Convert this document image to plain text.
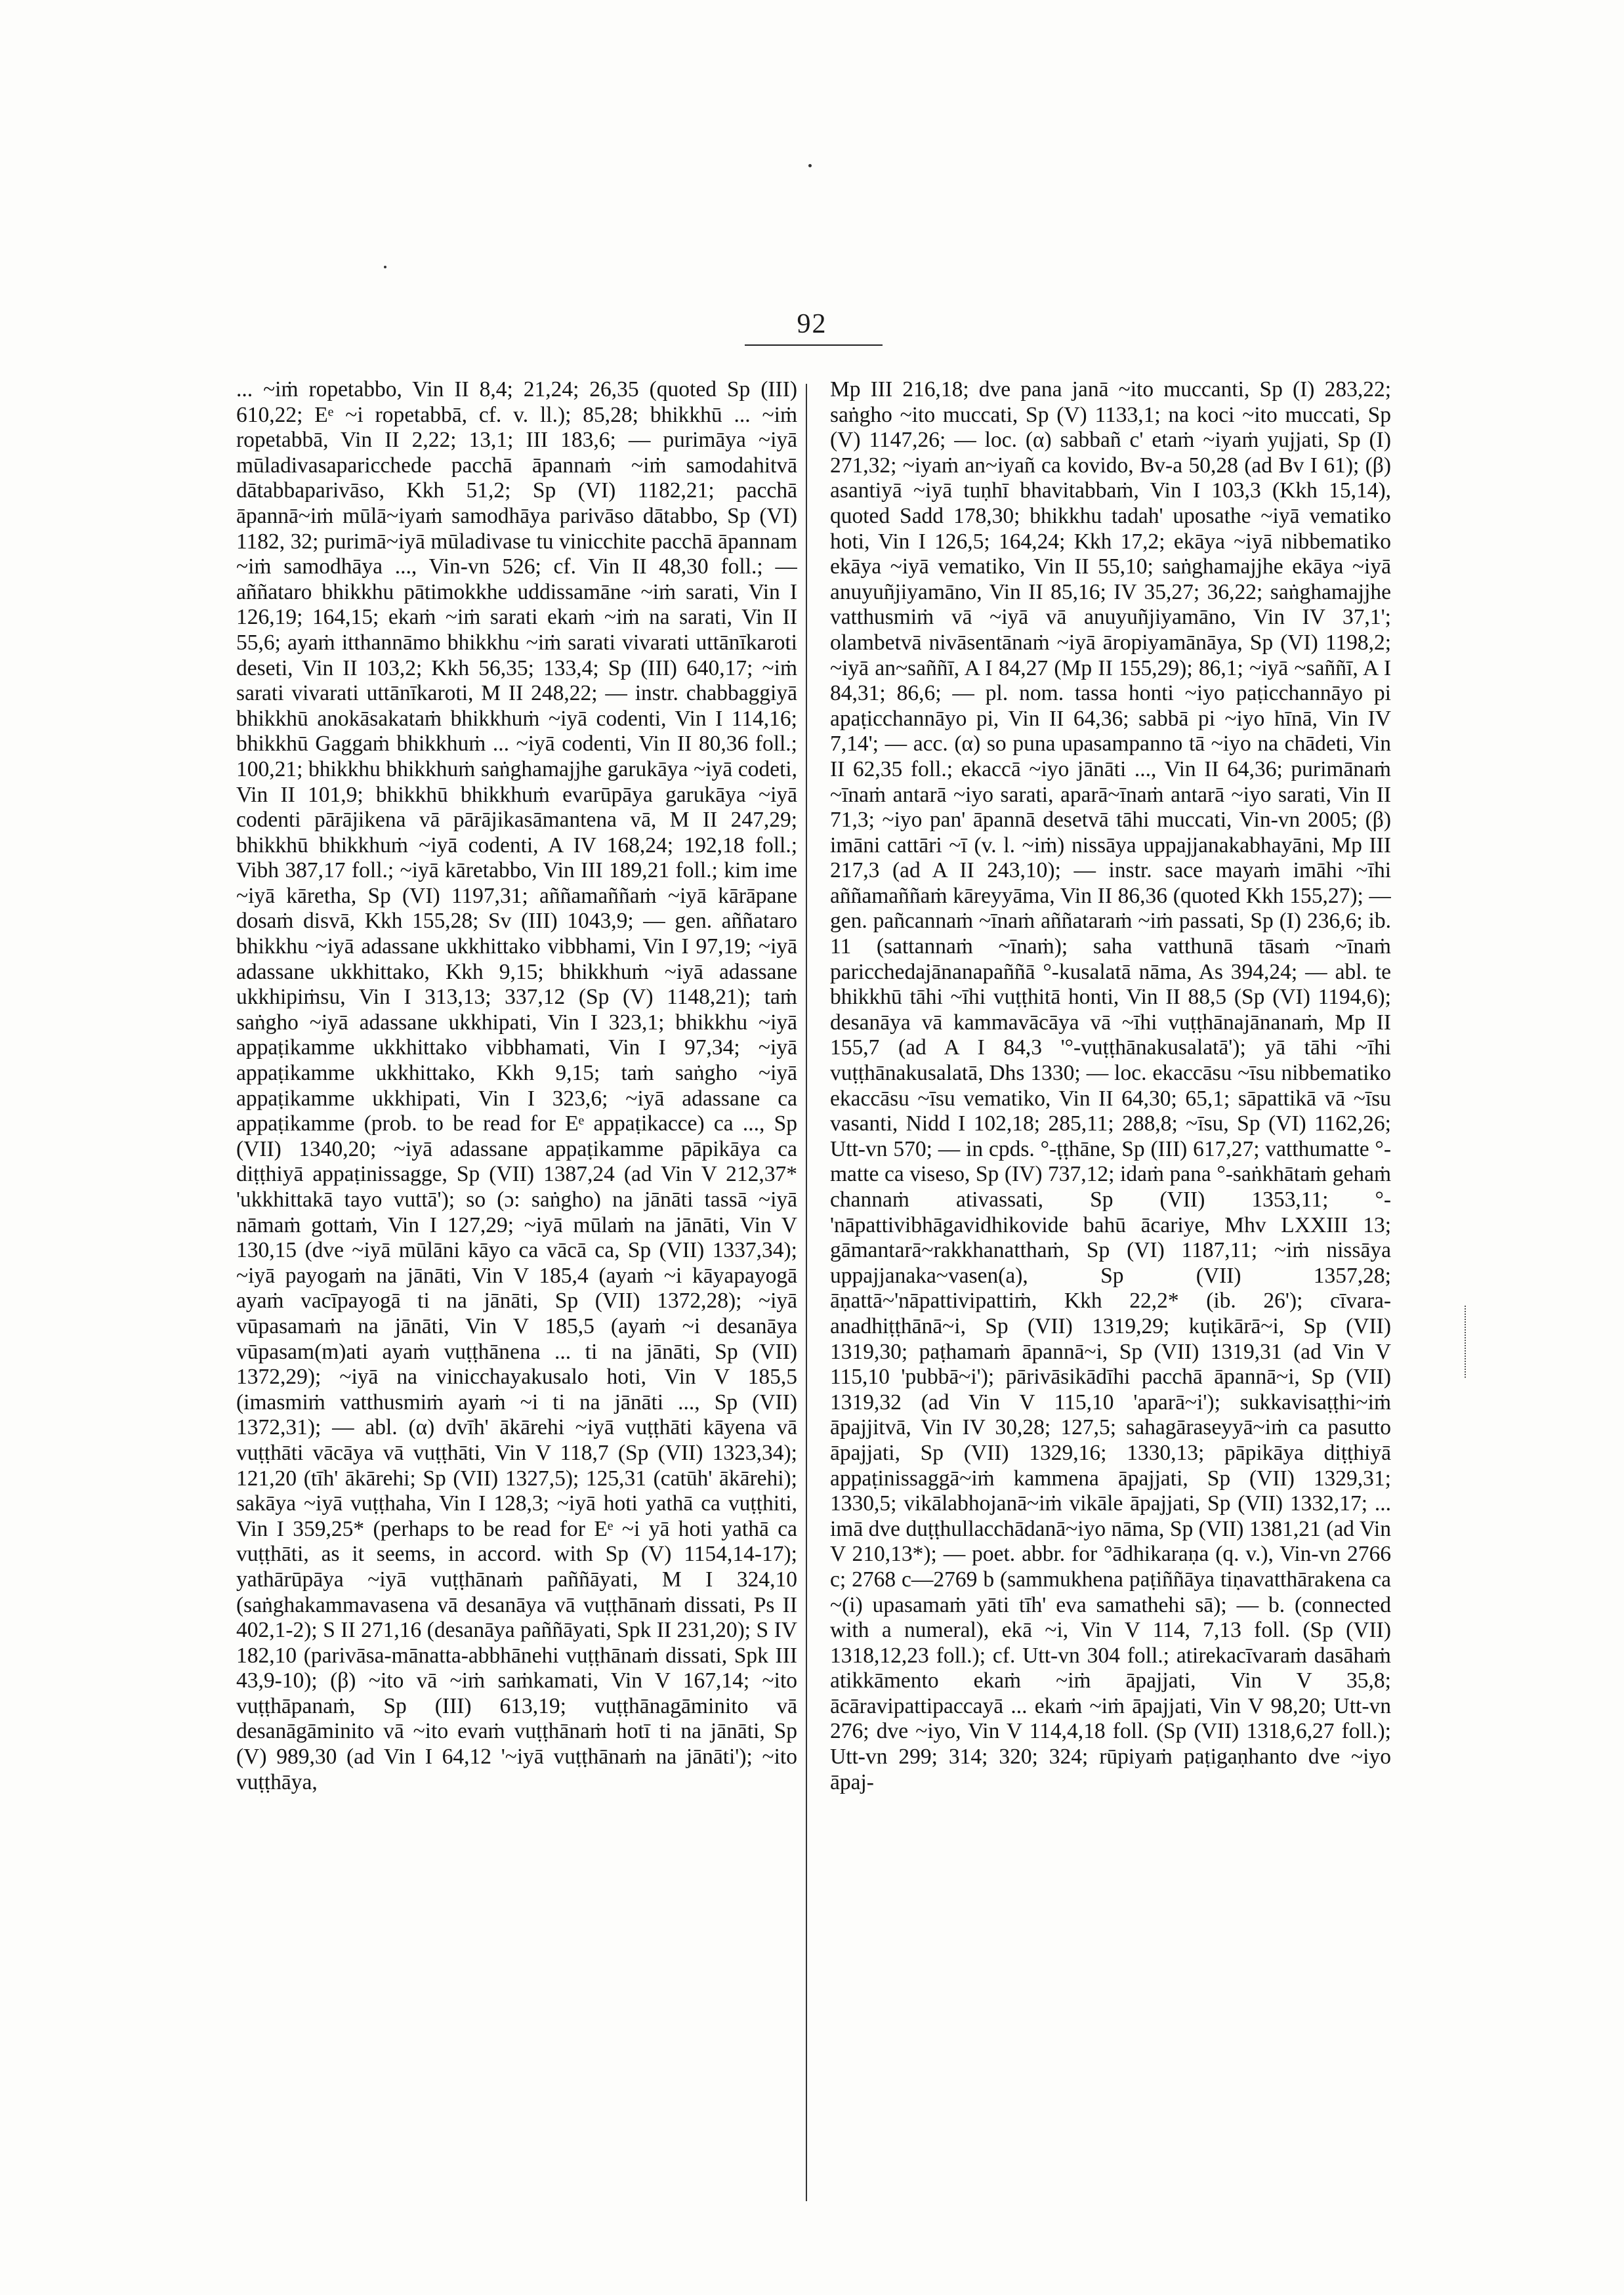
92

... ~iṁ ropetabbo, Vin II 8,4; 21,24; 26,35 (quoted Sp (III) 610,22; Eᵉ ~i ropetabbā, cf. v. ll.); 85,28; bhikkhū ... ~iṁ ropetabbā, Vin II 2,22; 13,1; III 183,6; — purimāya ~iyā mūladivasaparicchede pacchā āpannaṁ ~iṁ samodahitvā dātabbaparivāso, Kkh 51,2; Sp (VI) 1182,21; pacchā āpannā~iṁ mūlā~iyaṁ samodhāya parivāso dātabbo, Sp (VI) 1182, 32; purimā~iyā mūladivase tu vinicchite pacchā āpannam ~iṁ samodhāya ..., Vin-vn 526; cf. Vin II 48,30 foll.; — aññataro bhikkhu pātimokkhe uddissamāne ~iṁ sarati, Vin I 126,19; 164,15; ekaṁ ~iṁ sarati ekaṁ ~iṁ na sarati, Vin II 55,6; ayaṁ itthannāmo bhikkhu ~iṁ sarati vivarati uttānīkaroti deseti, Vin II 103,2; Kkh 56,35; 133,4; Sp (III) 640,17; ~iṁ sarati vivarati uttānīkaroti, M II 248,22; — instr. chabbaggiyā bhikkhū anokāsakataṁ bhikkhuṁ ~iyā codenti, Vin I 114,16; bhikkhū Gaggaṁ bhikkhuṁ ... ~iyā codenti, Vin II 80,36 foll.; 100,21; bhikkhu bhikkhuṁ saṅghamajjhe garukāya ~iyā codeti, Vin II 101,9; bhikkhū bhikkhuṁ evarūpāya garukāya ~iyā codenti pārājikena vā pārājikasāmantena vā, M II 247,29; bhikkhū bhikkhuṁ ~iyā codenti, A IV 168,24; 192,18 foll.; Vibh 387,17 foll.; ~iyā kāretabbo, Vin III 189,21 foll.; kim ime ~iyā kāretha, Sp (VI) 1197,31; aññamaññaṁ ~iyā kārāpane dosaṁ disvā, Kkh 155,28; Sv (III) 1043,9; — gen. aññataro bhikkhu ~iyā adassane ukkhittako vibbhami, Vin I 97,19; ~iyā adassane ukkhittako, Kkh 9,15; bhikkhuṁ ~iyā adassane ukkhipiṁsu, Vin I 313,13; 337,12 (Sp (V) 1148,21); taṁ saṅgho ~iyā adassane ukkhipati, Vin I 323,1; bhikkhu ~iyā appaṭikamme ukkhittako vibbhamati, Vin I 97,34; ~iyā appaṭikamme ukkhittako, Kkh 9,15; taṁ saṅgho ~iyā appaṭikamme ukkhipati, Vin I 323,6; ~iyā adassane ca appaṭikamme (prob. to be read for Eᵉ appaṭikacce) ca ..., Sp (VII) 1340,20; ~iyā adassane appaṭikamme pāpikāya ca diṭṭhiyā appaṭinissagge, Sp (VII) 1387,24 (ad Vin V 212,37* 'ukkhittakā tayo vuttā'); so (ɔ: saṅgho) na jānāti tassā ~iyā nāmaṁ gottaṁ, Vin I 127,29; ~iyā mūlaṁ na jānāti, Vin V 130,15 (dve ~iyā mūlāni kāyo ca vācā ca, Sp (VII) 1337,34); ~iyā payogaṁ na jānāti, Vin V 185,4 (ayaṁ ~i kāyapayogā ayaṁ vacīpayogā ti na jānāti, Sp (VII) 1372,28); ~iyā vūpasamaṁ na jānāti, Vin V 185,5 (ayaṁ ~i desanāya vūpasam(m)ati ayaṁ vuṭṭhānena ... ti na jānāti, Sp (VII) 1372,29); ~iyā na vinicchayakusalo hoti, Vin V 185,5 (imasmiṁ vatthusmiṁ ayaṁ ~i ti na jānāti ..., Sp (VII) 1372,31); — abl. (α) dvīh' ākārehi ~iyā vuṭṭhāti kāyena vā vuṭṭhāti vācāya vā vuṭṭhāti, Vin V 118,7 (Sp (VII) 1323,34); 121,20 (tīh' ākārehi; Sp (VII) 1327,5); 125,31 (catūh' ākārehi); sakāya ~iyā vuṭṭhaha, Vin I 128,3; ~iyā hoti yathā ca vuṭṭhiti, Vin I 359,25* (perhaps to be read for Eᵉ ~i yā hoti yathā ca vuṭṭhāti, as it seems, in accord. with Sp (V) 1154,14-17); yathārūpāya ~iyā vuṭṭhānaṁ paññāyati, M I 324,10 (saṅghakammavasena vā desanāya vā vuṭṭhānaṁ dissati, Ps II 402,1-2); S II 271,16 (desanāya paññāyati, Spk II 231,20); S IV 182,10 (parivāsa-mānatta-abbhānehi vuṭṭhānaṁ dissati, Spk III 43,9-10); (β) ~ito vā ~iṁ saṁkamati, Vin V 167,14; ~ito vuṭṭhāpanaṁ, Sp (III) 613,19; vuṭṭhānagāminito vā desanāgāminito vā ~ito evaṁ vuṭṭhānaṁ hotī ti na jānāti, Sp (V) 989,30 (ad Vin I 64,12 '~iyā vuṭṭhānaṁ na jānāti'); ~ito vuṭṭhāya,

Mp III 216,18; dve pana janā ~ito muccanti, Sp (I) 283,22; saṅgho ~ito muccati, Sp (V) 1133,1; na koci ~ito muccati, Sp (V) 1147,26; — loc. (α) sabbañ c' etaṁ ~iyaṁ yujjati, Sp (I) 271,32; ~iyaṁ an~iyañ ca kovido, Bv-a 50,28 (ad Bv I 61); (β) asantiyā ~iyā tuṇhī bhavitabbaṁ, Vin I 103,3 (Kkh 15,14), quoted Sadd 178,30; bhikkhu tadah' uposathe ~iyā vematiko hoti, Vin I 126,5; 164,24; Kkh 17,2; ekāya ~iyā nibbematiko ekāya ~iyā vematiko, Vin II 55,10; saṅghamajjhe ekāya ~iyā anuyuñjiyamāno, Vin II 85,16; IV 35,27; 36,22; saṅghamajjhe vatthusmiṁ vā ~iyā vā anuyuñjiyamāno, Vin IV 37,1'; olambetvā nivāsentānaṁ ~iyā āropiyamānāya, Sp (VI) 1198,2; ~iyā an~saññī, A I 84,27 (Mp II 155,29); 86,1; ~iyā ~saññī, A I 84,31; 86,6; — pl. nom. tassa honti ~iyo paṭicchannāyo pi apaṭicchannāyo pi, Vin II 64,36; sabbā pi ~iyo hīnā, Vin IV 7,14'; — acc. (α) so puna upasampanno tā ~iyo na chādeti, Vin II 62,35 foll.; ekaccā ~iyo jānāti ..., Vin II 64,36; purimānaṁ ~īnaṁ antarā ~iyo sarati, aparā~īnaṁ antarā ~iyo sarati, Vin II 71,3; ~iyo pan' āpannā desetvā tāhi muccati, Vin-vn 2005; (β) imāni cattāri ~ī (v. l. ~iṁ) nissāya uppajjanakabhayāni, Mp III 217,3 (ad A II 243,10); — instr. sace mayaṁ imāhi ~īhi aññamaññaṁ kāreyyāma, Vin II 86,36 (quoted Kkh 155,27); — gen. pañcannaṁ ~īnaṁ aññataraṁ ~iṁ passati, Sp (I) 236,6; ib. 11 (sattannaṁ ~īnaṁ); saha vatthunā tāsaṁ ~īnaṁ paricchedajānanapaññā °-kusalatā nāma, As 394,24; — abl. te bhikkhū tāhi ~īhi vuṭṭhitā honti, Vin II 88,5 (Sp (VI) 1194,6); desanāya vā kammavācāya vā ~īhi vuṭṭhānajānanaṁ, Mp II 155,7 (ad A I 84,3 '°-vuṭṭhānakusalatā'); yā tāhi ~īhi vuṭṭhānakusalatā, Dhs 1330; — loc. ekaccāsu ~īsu nibbematiko ekaccāsu ~īsu vematiko, Vin II 64,30; 65,1; sāpattikā vā ~īsu vasanti, Nidd I 102,18; 285,11; 288,8; ~īsu, Sp (VI) 1162,26; Utt-vn 570; — in cpds. °-ṭṭhāne, Sp (III) 617,27; vatthumatte °-matte ca viseso, Sp (IV) 737,12; idaṁ pana °-saṅkhātaṁ gehaṁ channaṁ ativassati, Sp (VII) 1353,11; °-'nāpattivibhāgavidhikovide bahū ācariye, Mhv LXXIII 13; gāmantarā~rakkhanatthaṁ, Sp (VI) 1187,11; ~iṁ nissāya uppajjanaka~vasen(a), Sp (VII) 1357,28; āṇattā~'nāpattivipattiṁ, Kkh 22,2* (ib. 26'); cīvara-anadhiṭṭhānā~i, Sp (VII) 1319,29; kuṭikārā~i, Sp (VII) 1319,30; paṭhamaṁ āpannā~i, Sp (VII) 1319,31 (ad Vin V 115,10 'pubbā~i'); pārivāsikādīhi pacchā āpannā~i, Sp (VII) 1319,32 (ad Vin V 115,10 'aparā~i'); sukkavisaṭṭhi~iṁ āpajjitvā, Vin IV 30,28; 127,5; sahagāraseyyā~iṁ ca pasutto āpajjati, Sp (VII) 1329,16; 1330,13; pāpikāya diṭṭhiyā appaṭinissaggā~iṁ kammena āpajjati, Sp (VII) 1329,31; 1330,5; vikālabhojanā~iṁ vikāle āpajjati, Sp (VII) 1332,17; ... imā dve duṭṭhullacchādanā~iyo nāma, Sp (VII) 1381,21 (ad Vin V 210,13*); — poet. abbr. for °ādhikaraṇa (q. v.), Vin-vn 2766 c; 2768 c—2769 b (sammukhena paṭiññāya tiṇavatthārakena ca ~(i) upasamaṁ yāti tīh' eva samathehi sā); — b. (connected with a numeral), ekā ~i, Vin V 114, 7,13 foll. (Sp (VII) 1318,12,23 foll.); cf. Utt-vn 304 foll.; atirekacīvaraṁ dasāhaṁ atikkāmento ekaṁ ~iṁ āpajjati, Vin V 35,8; ācāravipattipaccayā ... ekaṁ ~iṁ āpajjati, Vin V 98,20; Utt-vn 276; dve ~iyo, Vin V 114,4,18 foll. (Sp (VII) 1318,6,27 foll.); Utt-vn 299; 314; 320; 324; rūpiyaṁ paṭigaṇhanto dve ~iyo āpaj-
